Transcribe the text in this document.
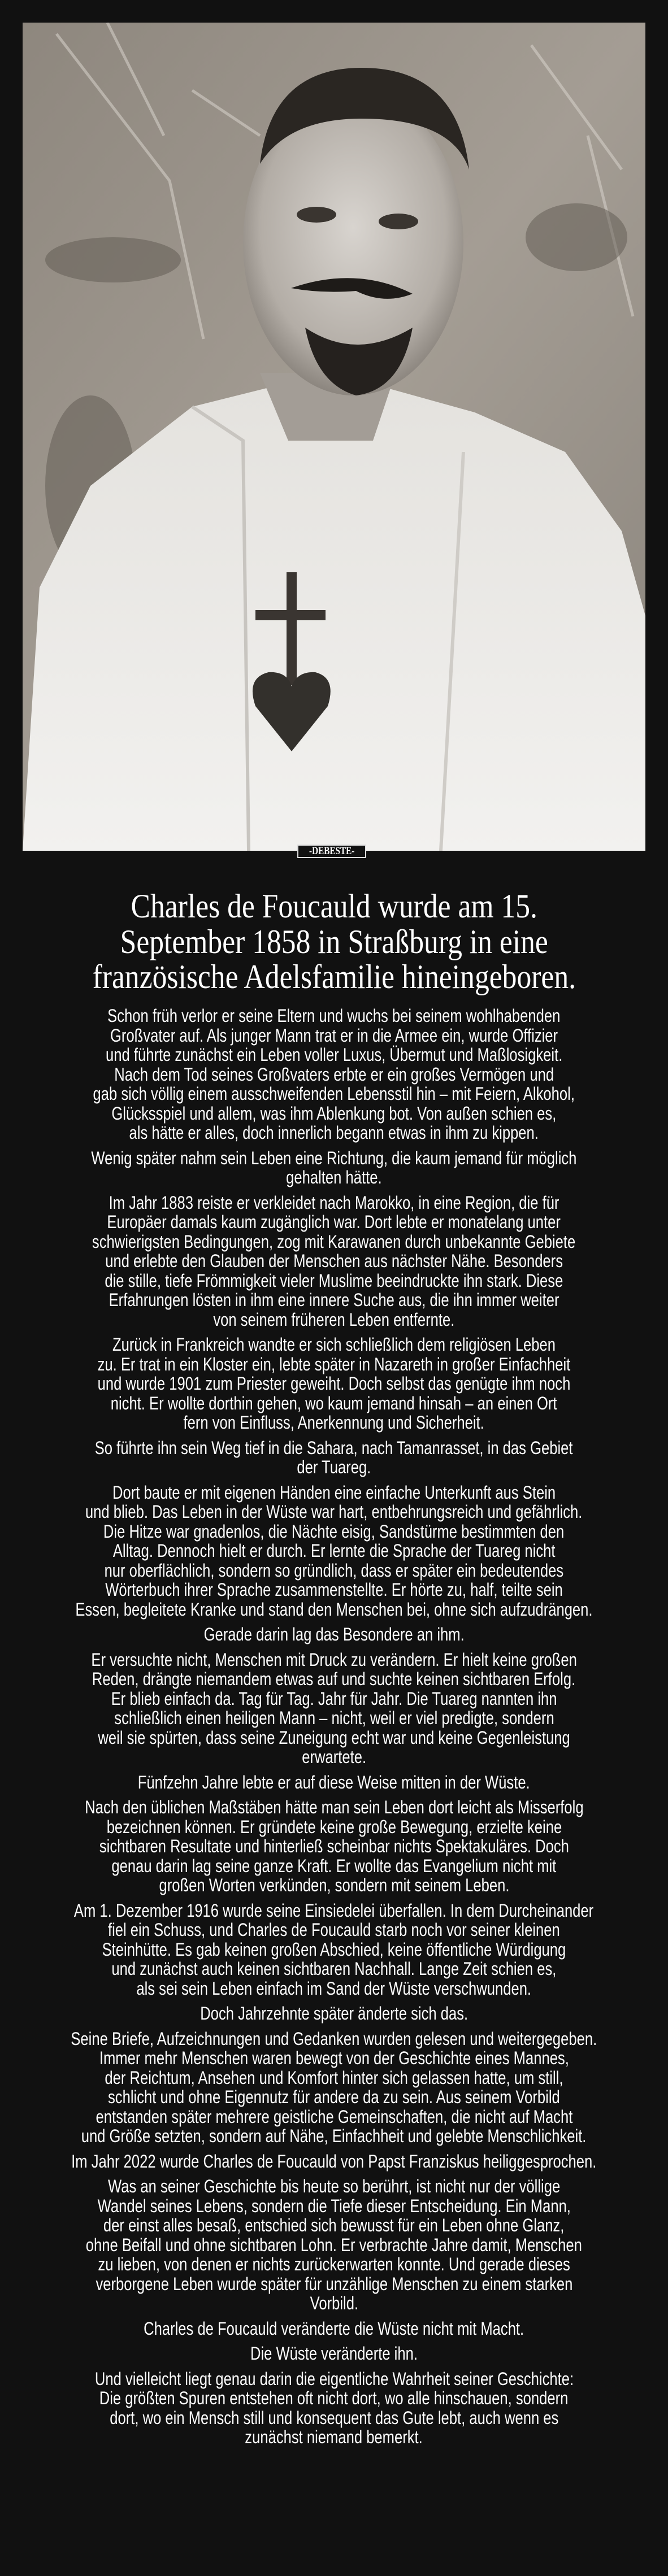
-DEBESTE-
Charles de Foucauld wurde am 15.
September 1858 in Straßburg in eine
französische Adelsfamilie hineingeboren.
Schon früh verlor er seine Eltern und wuchs bei seinem wohlhabenden
Großvater auf. Als junger Mann trat er in die Armee ein, wurde Offizier
und führte zunächst ein Leben voller Luxus, Übermut und Maßlosigkeit.
Nach dem Tod seines Großvaters erbte er ein großes Vermögen und
gab sich völlig einem ausschweifenden Lebensstil hin – mit Feiern, Alkohol,
Glücksspiel und allem, was ihm Ablenkung bot. Von außen schien es,
als hätte er alles, doch innerlich begann etwas in ihm zu kippen.
Wenig später nahm sein Leben eine Richtung, die kaum jemand für möglich
gehalten hätte.
Im Jahr 1883 reiste er verkleidet nach Marokko, in eine Region, die für
Europäer damals kaum zugänglich war. Dort lebte er monatelang unter
schwierigsten Bedingungen, zog mit Karawanen durch unbekannte Gebiete
und erlebte den Glauben der Menschen aus nächster Nähe. Besonders
die stille, tiefe Frömmigkeit vieler Muslime beeindruckte ihn stark. Diese
Erfahrungen lösten in ihm eine innere Suche aus, die ihn immer weiter
von seinem früheren Leben entfernte.
Zurück in Frankreich wandte er sich schließlich dem religiösen Leben
zu. Er trat in ein Kloster ein, lebte später in Nazareth in großer Einfachheit
und wurde 1901 zum Priester geweiht. Doch selbst das genügte ihm noch
nicht. Er wollte dorthin gehen, wo kaum jemand hinsah – an einen Ort
fern von Einfluss, Anerkennung und Sicherheit.
So führte ihn sein Weg tief in die Sahara, nach Tamanrasset, in das Gebiet
der Tuareg.
Dort baute er mit eigenen Händen eine einfache Unterkunft aus Stein
und blieb. Das Leben in der Wüste war hart, entbehrungsreich und gefährlich.
Die Hitze war gnadenlos, die Nächte eisig, Sandstürme bestimmten den
Alltag. Dennoch hielt er durch. Er lernte die Sprache der Tuareg nicht
nur oberflächlich, sondern so gründlich, dass er später ein bedeutendes
Wörterbuch ihrer Sprache zusammenstellte. Er hörte zu, half, teilte sein
Essen, begleitete Kranke und stand den Menschen bei, ohne sich aufzudrängen.
Gerade darin lag das Besondere an ihm.
Er versuchte nicht, Menschen mit Druck zu verändern. Er hielt keine großen
Reden, drängte niemandem etwas auf und suchte keinen sichtbaren Erfolg.
Er blieb einfach da. Tag für Tag. Jahr für Jahr. Die Tuareg nannten ihn
schließlich einen heiligen Mann – nicht, weil er viel predigte, sondern
weil sie spürten, dass seine Zuneigung echt war und keine Gegenleistung
erwartete.
Fünfzehn Jahre lebte er auf diese Weise mitten in der Wüste.
Nach den üblichen Maßstäben hätte man sein Leben dort leicht als Misserfolg
bezeichnen können. Er gründete keine große Bewegung, erzielte keine
sichtbaren Resultate und hinterließ scheinbar nichts Spektakuläres. Doch
genau darin lag seine ganze Kraft. Er wollte das Evangelium nicht mit
großen Worten verkünden, sondern mit seinem Leben.
Am 1. Dezember 1916 wurde seine Einsiedelei überfallen. In dem Durcheinander
fiel ein Schuss, und Charles de Foucauld starb noch vor seiner kleinen
Steinhütte. Es gab keinen großen Abschied, keine öffentliche Würdigung
und zunächst auch keinen sichtbaren Nachhall. Lange Zeit schien es,
als sei sein Leben einfach im Sand der Wüste verschwunden.
Doch Jahrzehnte später änderte sich das.
Seine Briefe, Aufzeichnungen und Gedanken wurden gelesen und weitergegeben.
Immer mehr Menschen waren bewegt von der Geschichte eines Mannes,
der Reichtum, Ansehen und Komfort hinter sich gelassen hatte, um still,
schlicht und ohne Eigennutz für andere da zu sein. Aus seinem Vorbild
entstanden später mehrere geistliche Gemeinschaften, die nicht auf Macht
und Größe setzten, sondern auf Nähe, Einfachheit und gelebte Menschlichkeit.
Im Jahr 2022 wurde Charles de Foucauld von Papst Franziskus heiliggesprochen.
Was an seiner Geschichte bis heute so berührt, ist nicht nur der völlige
Wandel seines Lebens, sondern die Tiefe dieser Entscheidung. Ein Mann,
der einst alles besaß, entschied sich bewusst für ein Leben ohne Glanz,
ohne Beifall und ohne sichtbaren Lohn. Er verbrachte Jahre damit, Menschen
zu lieben, von denen er nichts zurückerwarten konnte. Und gerade dieses
verborgene Leben wurde später für unzählige Menschen zu einem starken
Vorbild.
Charles de Foucauld veränderte die Wüste nicht mit Macht.
Die Wüste veränderte ihn.
Und vielleicht liegt genau darin die eigentliche Wahrheit seiner Geschichte:
Die größten Spuren entstehen oft nicht dort, wo alle hinschauen, sondern
dort, wo ein Mensch still und konsequent das Gute lebt, auch wenn es
zunächst niemand bemerkt.
